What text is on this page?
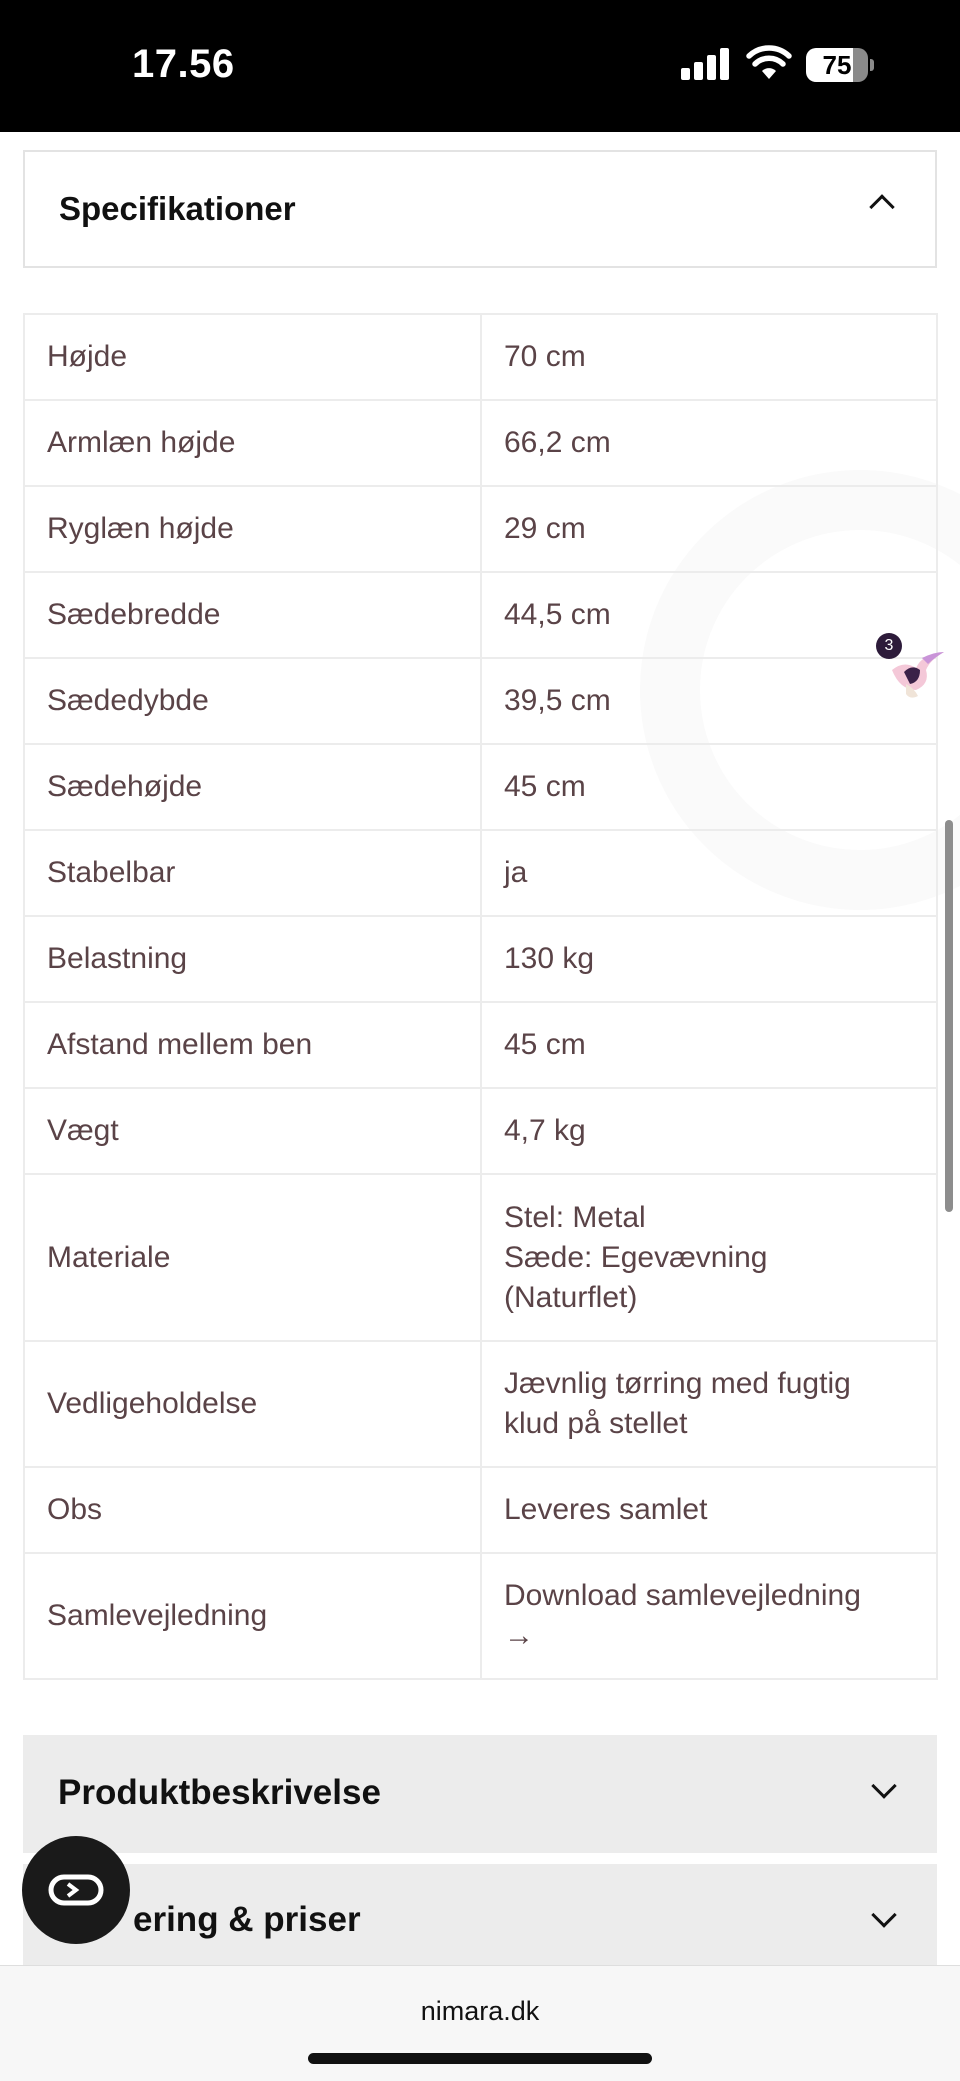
17.56	75
Specifikationer
Højde	70 cm

Armlæn højde	66,2 cm

Ryglæn højde	29 cm

Sædebredde	44,5 cm

Sædedybde	39,5 cm

Sædehøjde	45 cm

Stabelbar	ja

Belastning	130 kg

Afstand mellem ben	45 cm

Vægt	4,7 kg

Materiale	Stel: Metal
Sæde: Egevævning
(Naturflet)

Vedligeholdelse	Jævnlig tørring med fugtig
klud på stellet

Obs	Leveres samlet

Samlevejledning	Download samlevejledning
→
Produktbeskrivelse
ering & priser
3
nimara.dk
